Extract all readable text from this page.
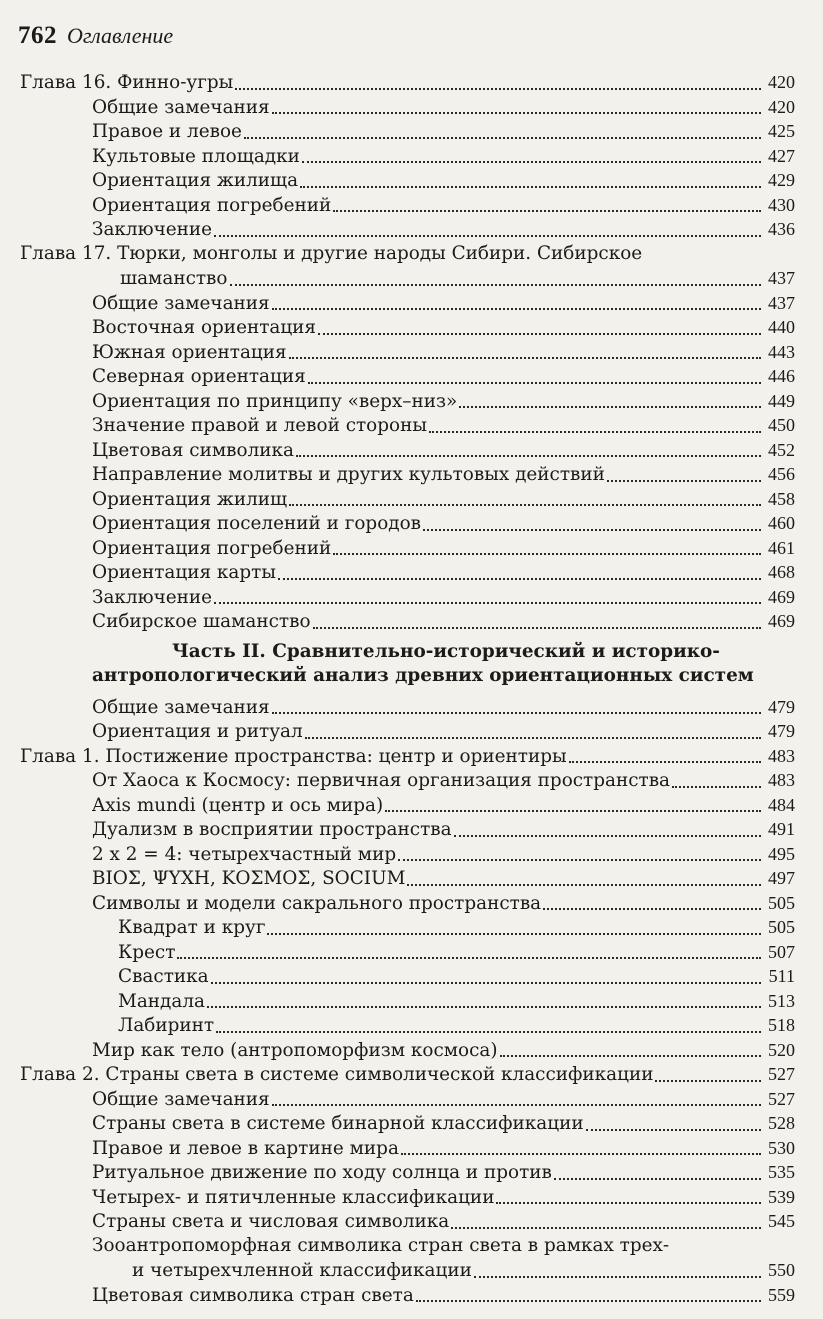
762 Оглавление
Глава 16. Финно-угры	420
Общие замечания	420
Правое и левое	425
Культовые площадки	427
Ориентация жилища	429
Ориентация погребений	430
Заключение	436
Глава 17. Тюрки, монголы и другие народы Сибири. Сибирское
шаманство	437
Общие замечания	437
Восточная ориентация	440
Южная ориентация	443
Северная ориентация	446
Ориентация по принципу «верх–низ»	449
Значение правой и левой стороны	450
Цветовая символика	452
Направление молитвы и других культовых действий	456
Ориентация жилищ	458
Ориентация поселений и городов	460
Ориентация погребений	461
Ориентация карты	468
Заключение	469
Сибирское шаманство	469
Часть II. Сравнительно-исторический и историко-
антропологический анализ древних ориентационных систем
Общие замечания	479
Ориентация и ритуал	479
Глава 1. Постижение пространства: центр и ориентиры	483
От Хаоса к Космосу: первичная организация пространства	483
Axis mundi (центр и ось мира)	484
Дуализм в восприятии пространства	491
2 х 2 = 4: четырехчастный мир	495
ΒΙΟΣ, ΨΥΧΗ, ΚΟΣΜΟΣ, SOCIUM	497
Символы и модели сакрального пространства	505
Квадрат и круг	505
Крест	507
Свастика	511
Мандала	513
Лабиринт	518
Мир как тело (антропоморфизм космоса)	520
Глава 2. Страны света в системе символической классификации	527
Общие замечания	527
Страны света в системе бинарной классификации	528
Правое и левое в картине мира	530
Ритуальное движение по ходу солнца и против	535
Четырех- и пятичленные классификации	539
Страны света и числовая символика	545
Зооантропоморфная символика стран света в рамках трех-
и четырехчленной классификации	550
Цветовая символика стран света	559
